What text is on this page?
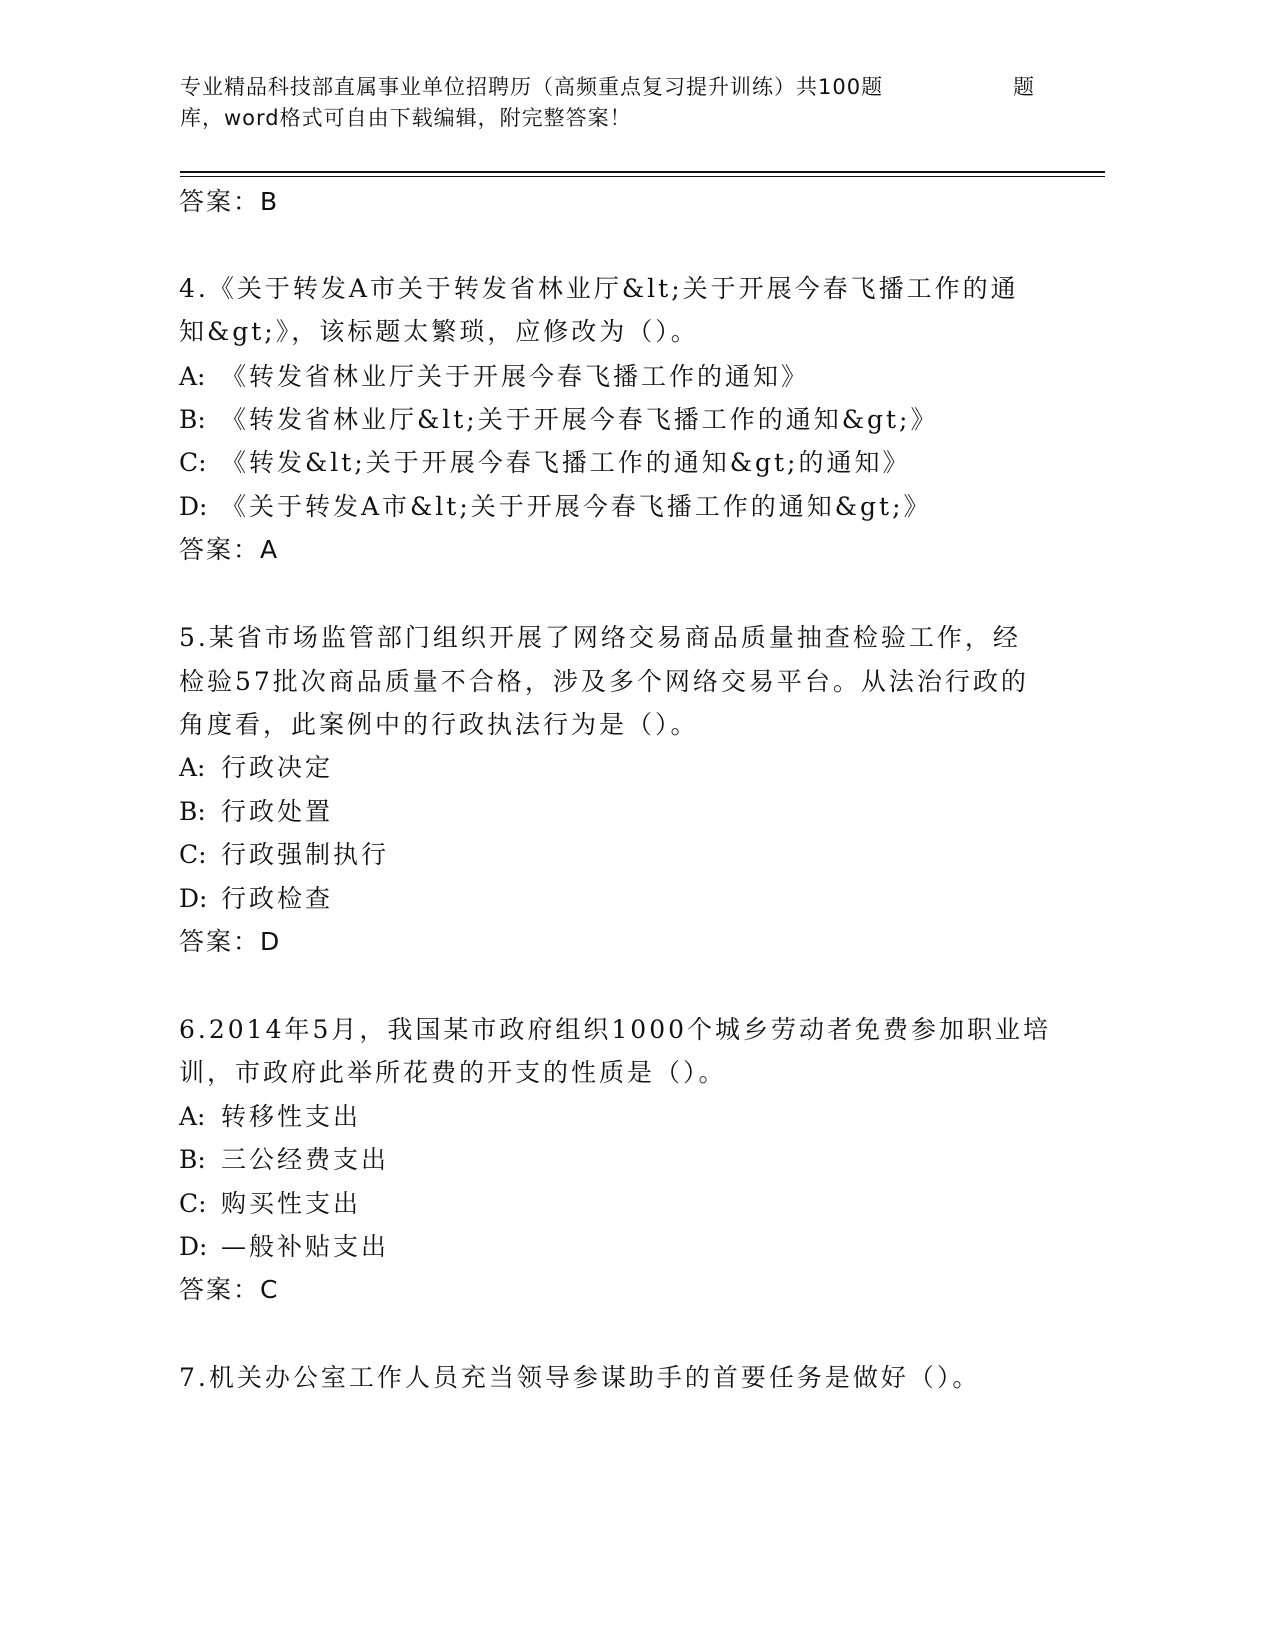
专业精品科技部直属事业单位招聘历（高频重点复习提升训练）共100题	题
库，word格式可自由下载编辑，附完整答案！
答案：B
4.《关于转发A市关于转发省林业厅&lt;关于开展今春飞播工作的通
知&gt;》，该标题太繁琐，应修改为（）。
A: 《转发省林业厅关于开展今春飞播工作的通知》
B: 《转发省林业厅&lt;关于开展今春飞播工作的通知&gt;》
C: 《转发&lt;关于开展今春飞播工作的通知&gt;的通知》
D: 《关于转发A市&lt;关于开展今春飞播工作的通知&gt;》
答案：A
5.某省市场监管部门组织开展了网络交易商品质量抽查检验工作，经
检验57批次商品质量不合格，涉及多个网络交易平台。从法治行政的
角度看，此案例中的行政执法行为是（）。
A: 行政决定
B: 行政处置
C: 行政强制执行
D: 行政检查
答案：D
6.2014年5月，我国某市政府组织1000个城乡劳动者免费参加职业培
训，市政府此举所花费的开支的性质是（）。
A: 转移性支出
B: 三公经费支出
C: 购买性支出
D: —般补贴支出
答案：C
7.机关办公室工作人员充当领导参谋助手的首要任务是做好（）。
